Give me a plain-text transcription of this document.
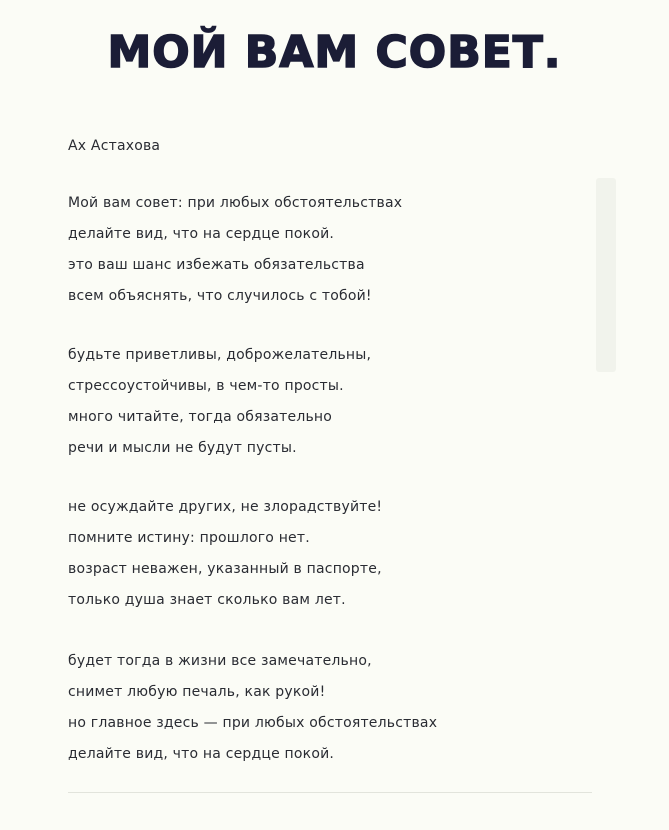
МОЙ ВАМ СОВЕТ.
Ах Астахова
Мой вам совет: при любых обстоятельствах
делайте вид, что на сердце покой.
это ваш шанс избежать обязательства
всем объяснять, что случилось с тобой!
будьте приветливы, доброжелательны,
стрессоустойчивы, в чем-то просты.
много читайте, тогда обязательно
речи и мысли не будут пусты.
не осуждайте других, не злорадствуйте!
помните истину: прошлого нет.
возраст неважен, указанный в паспорте,
только душа знает сколько вам лет.
будет тогда в жизни все замечательно,
снимет любую печаль, как рукой!
но главное здесь — при любых обстоятельствах
делайте вид, что на сердце покой.
